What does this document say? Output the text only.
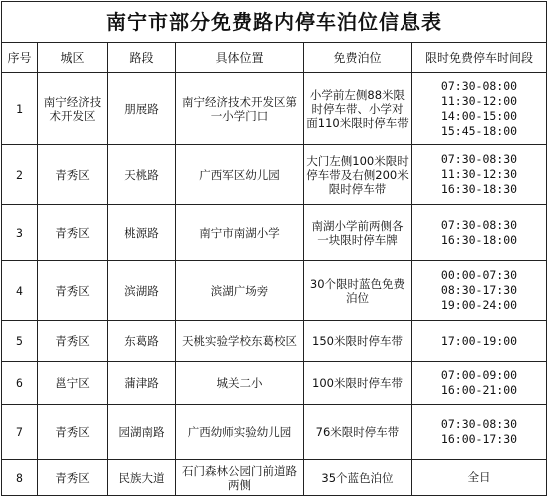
南宁市部分免费路内停车泊位信息表					
序号	城区	路段	具体位置	免费泊位	限时免费停车时间段
1	南宁经济技术开发区	朋展路	南宁经济技术开发区第一小学门口	小学前左侧88米限时停车带、小学对面110米限时停车带	07:30-08:00
11:30-12:00
14:00-15:00
15:45-18:00

2	青秀区	天桃路	广西军区幼儿园	大门左侧100米限时停车带及右侧200米限时停车带	07:30-08:30
11:30-12:30
16:30-18:30

3	青秀区	桃源路	南宁市南湖小学	南湖小学前两侧各一块限时停车牌	07:30-08:30
16:30-18:00

4	青秀区	滨湖路	滨湖广场旁	30个限时蓝色免费泊位	00:00-07:30
08:30-17:30
19:00-24:00

5	青秀区	东葛路	天桃实验学校东葛校区	150米限时停车带	17:00-19:00

6	邕宁区	蒲津路	城关二小	100米限时停车带	07:00-09:00
16:00-21:00

7	青秀区	园湖南路	广西幼师实验幼儿园	76米限时停车带	07:30-08:30
16:00-17:30

8	青秀区	民族大道	石门森林公园门前道路两侧	35个蓝色泊位	全日
